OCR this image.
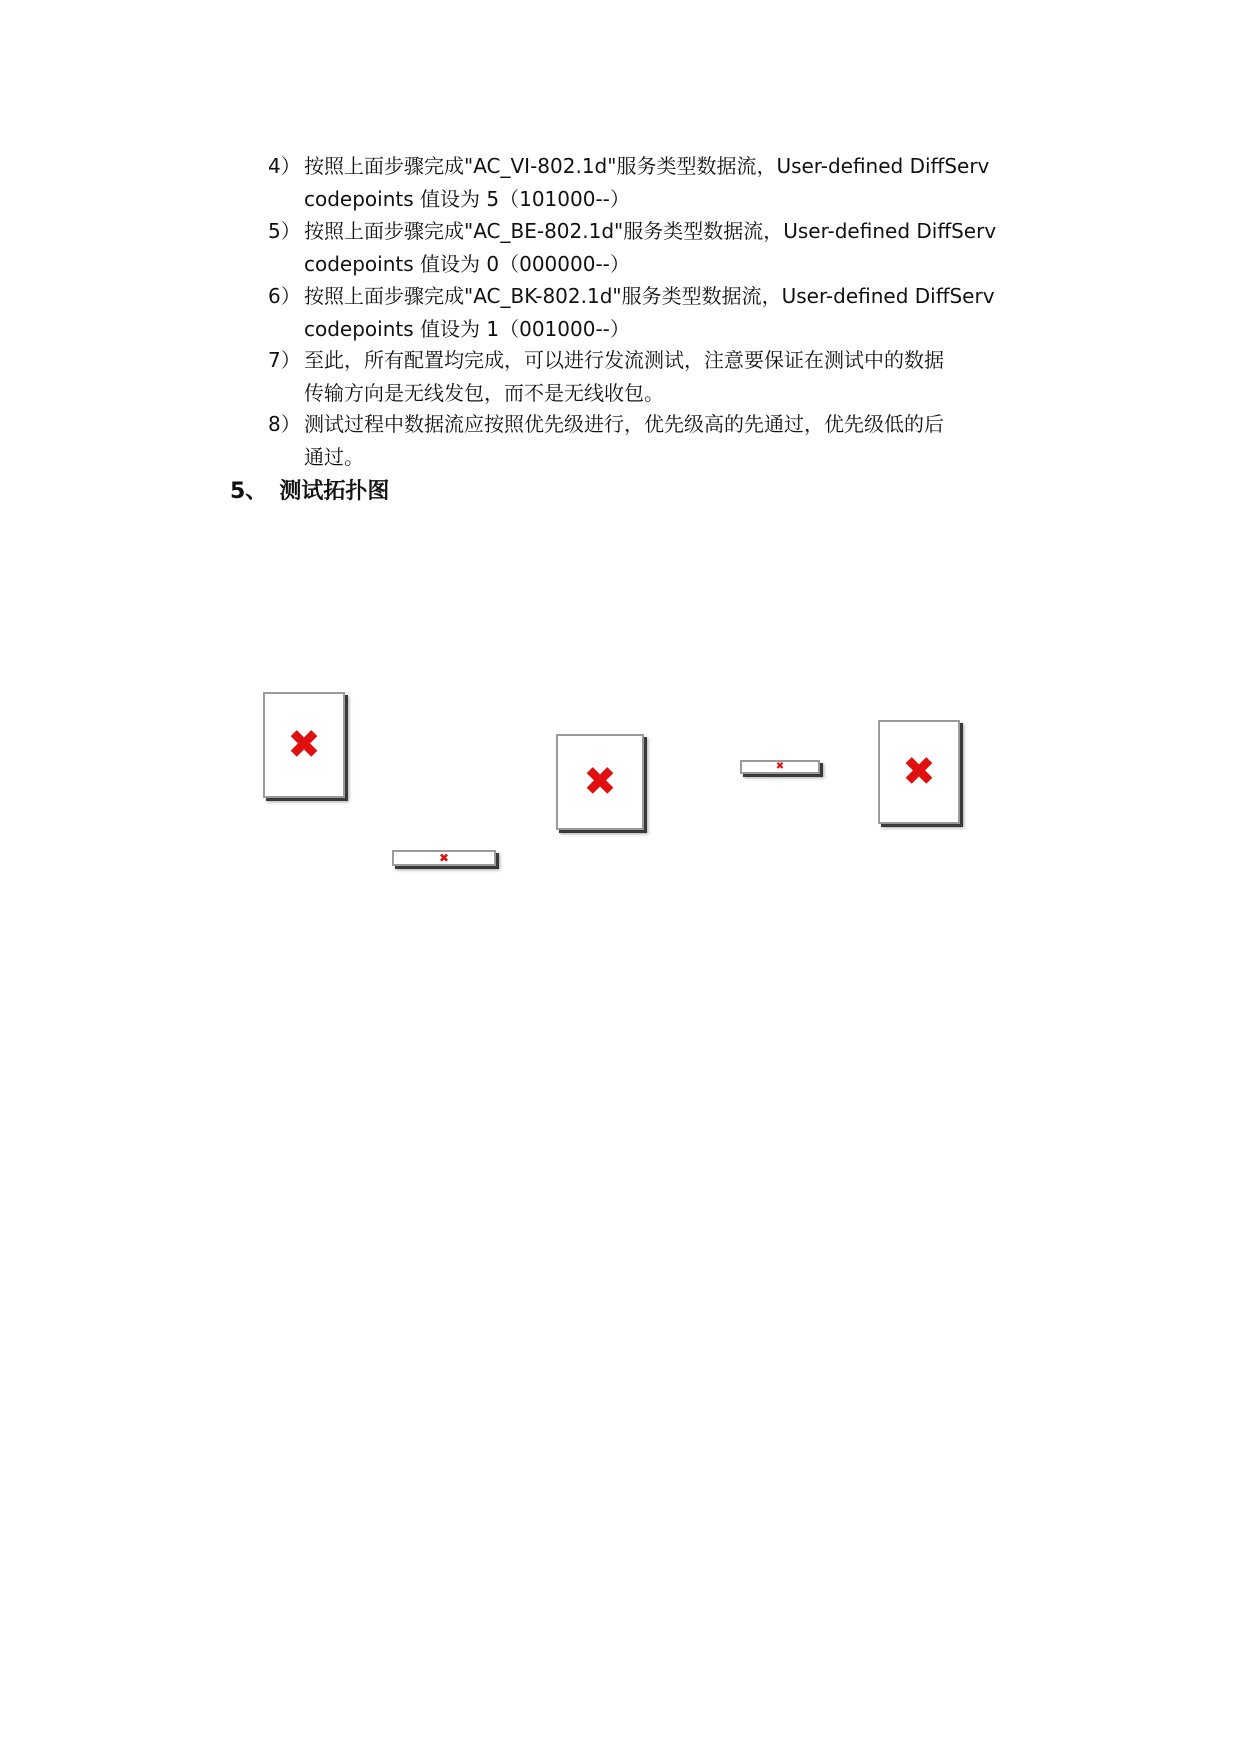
4） 按照上面步骤完成"AC_VI-802.1d"服务类型数据流，User-defined DiffServ
codepoints 值设为 5（101000--）
5） 按照上面步骤完成"AC_BE-802.1d"服务类型数据流，User-defined DiffServ
codepoints 值设为 0（000000--）
6） 按照上面步骤完成"AC_BK-802.1d"服务类型数据流，User-defined DiffServ
codepoints 值设为 1（001000--）
7） 至此，所有配置均完成，可以进行发流测试，注意要保证在测试中的数据
传输方向是无线发包，而不是无线收包。
8） 测试过程中数据流应按照优先级进行，优先级高的先通过，优先级低的后
通过。
5、 测试拓扑图
✖
✖	✖
✖
✖
